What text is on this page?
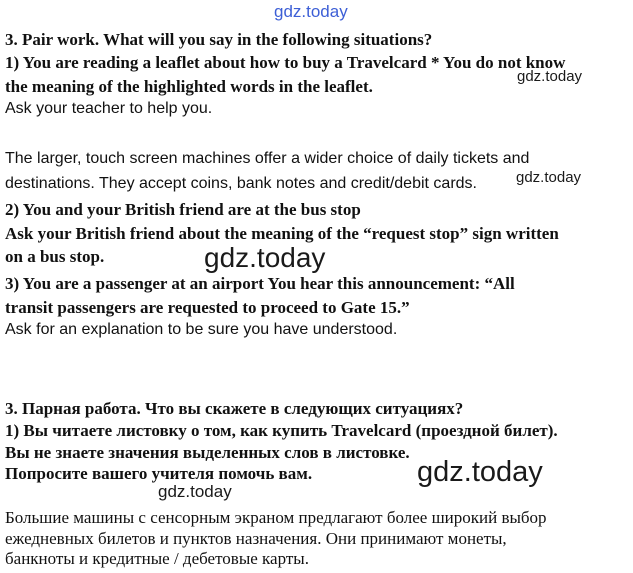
gdz.today
gdz.today
gdz.today
gdz.today
gdz.today
gdz.today
3. Pair work. What will you say in the following situations?
1) You are reading a leaflet about how to buy a Travelcard * You do not know
the meaning of the highlighted words in the leaflet.
Ask your teacher to help you.
The larger, touch screen machines offer a wider choice of daily tickets and
destinations. They accept coins, bank notes and credit/debit cards.
2) You and your British friend are at the bus stop
Ask your British friend about the meaning of the “request stop” sign written
on a bus stop.
3) You are a passenger at an airport You hear this announcement: “All
transit passengers are requested to proceed to Gate 15.”
Ask for an explanation to be sure you have understood.
3. Парная работа. Что вы скажете в следующих ситуациях?
1) Вы читаете листовку о том, как купить Travelcard (проездной билет).
Вы не знаете значения выделенных слов в листовке.
Попросите вашего учителя помочь вам.
Большие машины с сенсорным экраном предлагают более широкий выбор
ежедневных билетов и пунктов назначения. Они принимают монеты,
банкноты и кредитные / дебетовые карты.
